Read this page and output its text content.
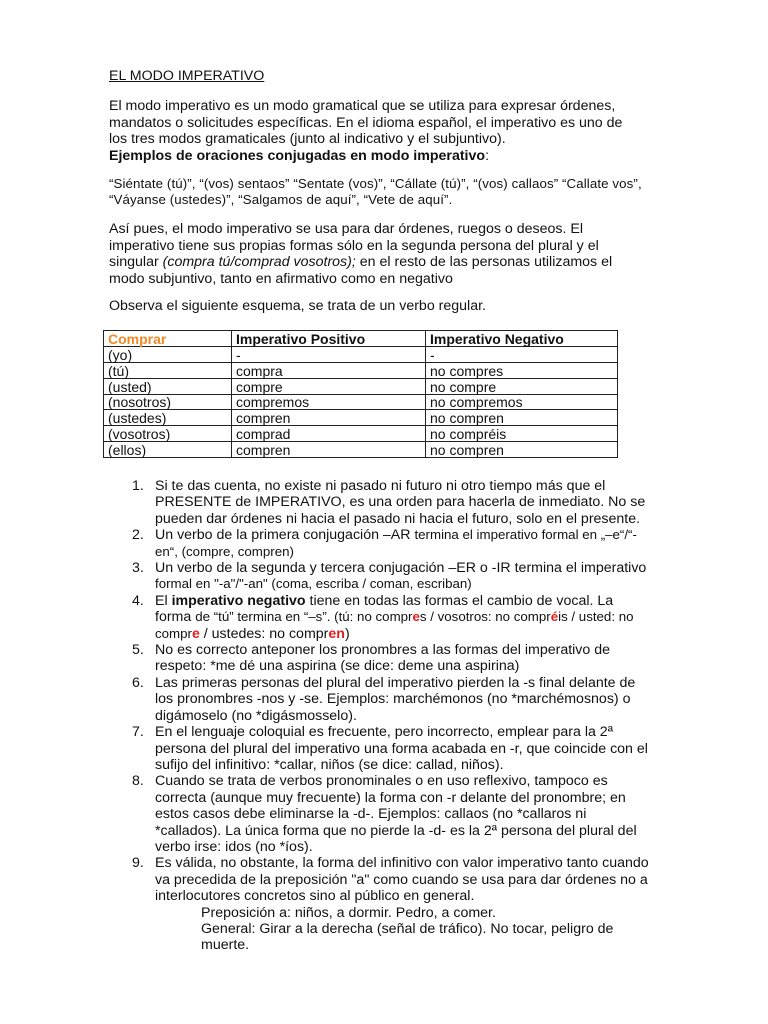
EL MODO IMPERATIVO
El modo imperativo es un modo gramatical que se utiliza para expresar órdenes, mandatos o solicitudes específicas. En el idioma español, el imperativo es uno de los tres modos gramaticales (junto al indicativo y el subjuntivo).
Ejemplos de oraciones conjugadas en modo imperativo:
“Siéntate (tú)”, “(vos) sentaos” “Sentate (vos)”, “Cállate (tú)”, “(vos) callaos” “Callate vos”, “Váyanse (ustedes)”, “Salgamos de aquí”, “Vete de aquí”.
Así pues, el modo imperativo se usa para dar órdenes, ruegos o deseos. El imperativo tiene sus propias formas sólo en la segunda persona del plural y el singular (compra tú/comprad vosotros); en el resto de las personas utilizamos el modo subjuntivo, tanto en afirmativo como en negativo
Observa el siguiente esquema, se trata de un verbo regular.
Comprar	Imperativo Positivo	Imperativo Negativo
(yo)	-	-
(tú)	compra	no compres
(usted)	compre	no compre
(nosotros)	compremos	no compremos
(ustedes)	compren	no compren
(vosotros)	comprad	no compréis
(ellos)	compren	no compren
1. Si te das cuenta, no existe ni pasado ni futuro ni otro tiempo más que el PRESENTE de IMPERATIVO, es una orden para hacerla de inmediato. No se pueden dar órdenes ni hacia el pasado ni hacia el futuro, solo en el presente.
2. Un verbo de la primera conjugación –AR termina el imperativo formal en „–e“/“-en“, (compre, compren)
3. Un verbo de la segunda y tercera conjugación –ER o -IR termina el imperativo formal en "-a"/"-an" (coma, escriba / coman, escriban)
4. El imperativo negativo tiene en todas las formas el cambio de vocal. La forma de “tú” termina en “–s”. (tú: no compres / vosotros: no compréis / usted: no compre / ustedes: no compren)
5. No es correcto anteponer los pronombres a las formas del imperativo de respeto: *me dé una aspirina (se dice: deme una aspirina)
6. Las primeras personas del plural del imperativo pierden la -s final delante de los pronombres -nos y -se. Ejemplos: marchémonos (no *marchémosnos) o digámoselo (no *digásmosselo).
7. En el lenguaje coloquial es frecuente, pero incorrecto, emplear para la 2ª persona del plural del imperativo una forma acabada en -r, que coincide con el sufijo del infinitivo: *callar, niños (se dice: callad, niños).
8. Cuando se trata de verbos pronominales o en uso reflexivo, tampoco es correcta (aunque muy frecuente) la forma con -r delante del pronombre; en estos casos debe eliminarse la -d-. Ejemplos: callaos (no *callaros ni *callados). La única forma que no pierde la -d- es la 2ª persona del plural del verbo irse: idos (no *íos).
9. Es válida, no obstante, la forma del infinitivo con valor imperativo tanto cuando va precedida de la preposición "a" como cuando se usa para dar órdenes no a interlocutores concretos sino al público en general.
Preposición a: niños, a dormir. Pedro, a comer.
General: Girar a la derecha (señal de tráfico). No tocar, peligro de muerte.
